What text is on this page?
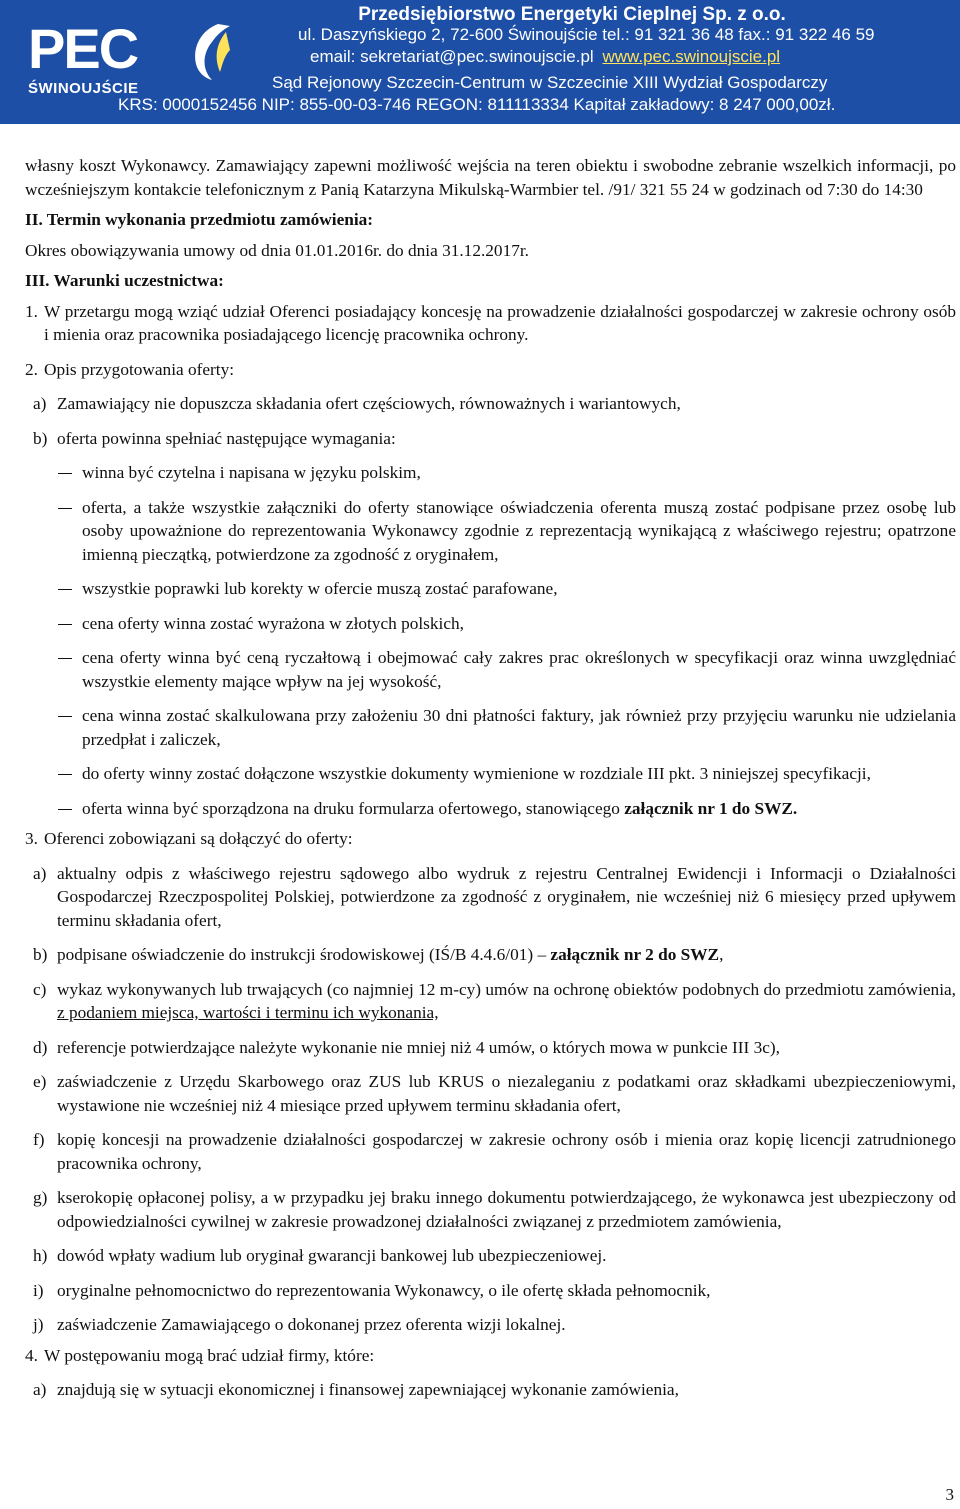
PEC
ŚWINOUJŚCIE
Przedsiębiorstwo Energetyki Cieplnej Sp. z o.o.
ul. Daszyńskiego 2, 72-600 Świnoujście tel.: 91 321 36 48 fax.: 91 322 46 59
email: sekretariat@pec.swinoujscie.pl www.pec.swinoujscie.pl
Sąd Rejonowy Szczecin-Centrum w Szczecinie XIII Wydział Gospodarczy
KRS: 0000152456 NIP: 855-00-03-746 REGON: 811113334 Kapitał zakładowy: 8 247 000,00zł.

własny koszt Wykonawcy. Zamawiający zapewni możliwość wejścia na teren obiektu i swobodne zebranie wszelkich informacji, po wcześniejszym kontakcie telefonicznym z Panią Katarzyna Mikulską-Warmbier tel. /91/ 321 55 24 w godzinach od 7:30 do 14:30

II. Termin wykonania przedmiotu zamówienia:

Okres obowiązywania umowy od dnia 01.01.2016r. do dnia 31.12.2017r.

III. Warunki uczestnictwa:

1. W przetargu mogą wziąć udział Oferenci posiadający koncesję na prowadzenie działalności gospodarczej w zakresie ochrony osób i mienia oraz pracownika posiadającego licencję pracownika ochrony.
2. Opis przygotowania oferty:
a) Zamawiający nie dopuszcza składania ofert częściowych, równoważnych i wariantowych,
b) oferta powinna spełniać następujące wymagania:
winna być czytelna i napisana w języku polskim,
oferta, a także wszystkie załączniki do oferty stanowiące oświadczenia oferenta muszą zostać podpisane przez osobę lub osoby upoważnione do reprezentowania Wykonawcy zgodnie z reprezentacją wynikającą z właściwego rejestru; opatrzone imienną pieczątką, potwierdzone za zgodność z oryginałem,
wszystkie poprawki lub korekty w ofercie muszą zostać parafowane,
cena oferty winna zostać wyrażona w złotych polskich,
cena oferty winna być ceną ryczałtową i obejmować cały zakres prac określonych w specyfikacji oraz winna uwzględniać wszystkie elementy mające wpływ na jej wysokość,
cena winna zostać skalkulowana przy założeniu 30 dni płatności faktury, jak również przy przyjęciu warunku nie udzielania przedpłat i zaliczek,
do oferty winny zostać dołączone wszystkie dokumenty wymienione w rozdziale III pkt. 3 niniejszej specyfikacji,
oferta winna być sporządzona na druku formularza ofertowego, stanowiącego załącznik nr 1 do SWZ.
3. Oferenci zobowiązani są dołączyć do oferty:
a) aktualny odpis z właściwego rejestru sądowego albo wydruk z rejestru Centralnej Ewidencji i Informacji o Działalności Gospodarczej Rzeczpospolitej Polskiej, potwierdzone za zgodność z oryginałem, nie wcześniej niż 6 miesięcy przed upływem terminu składania ofert,
b) podpisane oświadczenie do instrukcji środowiskowej (IŚ/B 4.4.6/01) – załącznik nr 2 do SWZ,
c) wykaz wykonywanych lub trwających (co najmniej 12 m-cy) umów na ochronę obiektów podobnych do przedmiotu zamówienia, z podaniem miejsca, wartości i terminu ich wykonania,
d) referencje potwierdzające należyte wykonanie nie mniej niż 4 umów, o których mowa w punkcie III 3c),
e) zaświadczenie z Urzędu Skarbowego oraz ZUS lub KRUS o niezaleganiu z podatkami oraz składkami ubezpieczeniowymi, wystawione nie wcześniej niż 4 miesiące przed upływem terminu składania ofert,
f) kopię koncesji na prowadzenie działalności gospodarczej w zakresie ochrony osób i mienia oraz kopię licencji zatrudnionego pracownika ochrony,
g) kserokopię opłaconej polisy, a w przypadku jej braku innego dokumentu potwierdzającego, że wykonawca jest ubezpieczony od odpowiedzialności cywilnej w zakresie prowadzonej działalności związanej z przedmiotem zamówienia,
h) dowód wpłaty wadium lub oryginał gwarancji bankowej lub ubezpieczeniowej.
i) oryginalne pełnomocnictwo do reprezentowania Wykonawcy, o ile ofertę składa pełnomocnik,
j) zaświadczenie Zamawiającego o dokonanej przez oferenta wizji lokalnej.
4. W postępowaniu mogą brać udział firmy, które:
a) znajdują się w sytuacji ekonomicznej i finansowej zapewniającej wykonanie zamówienia,
3
